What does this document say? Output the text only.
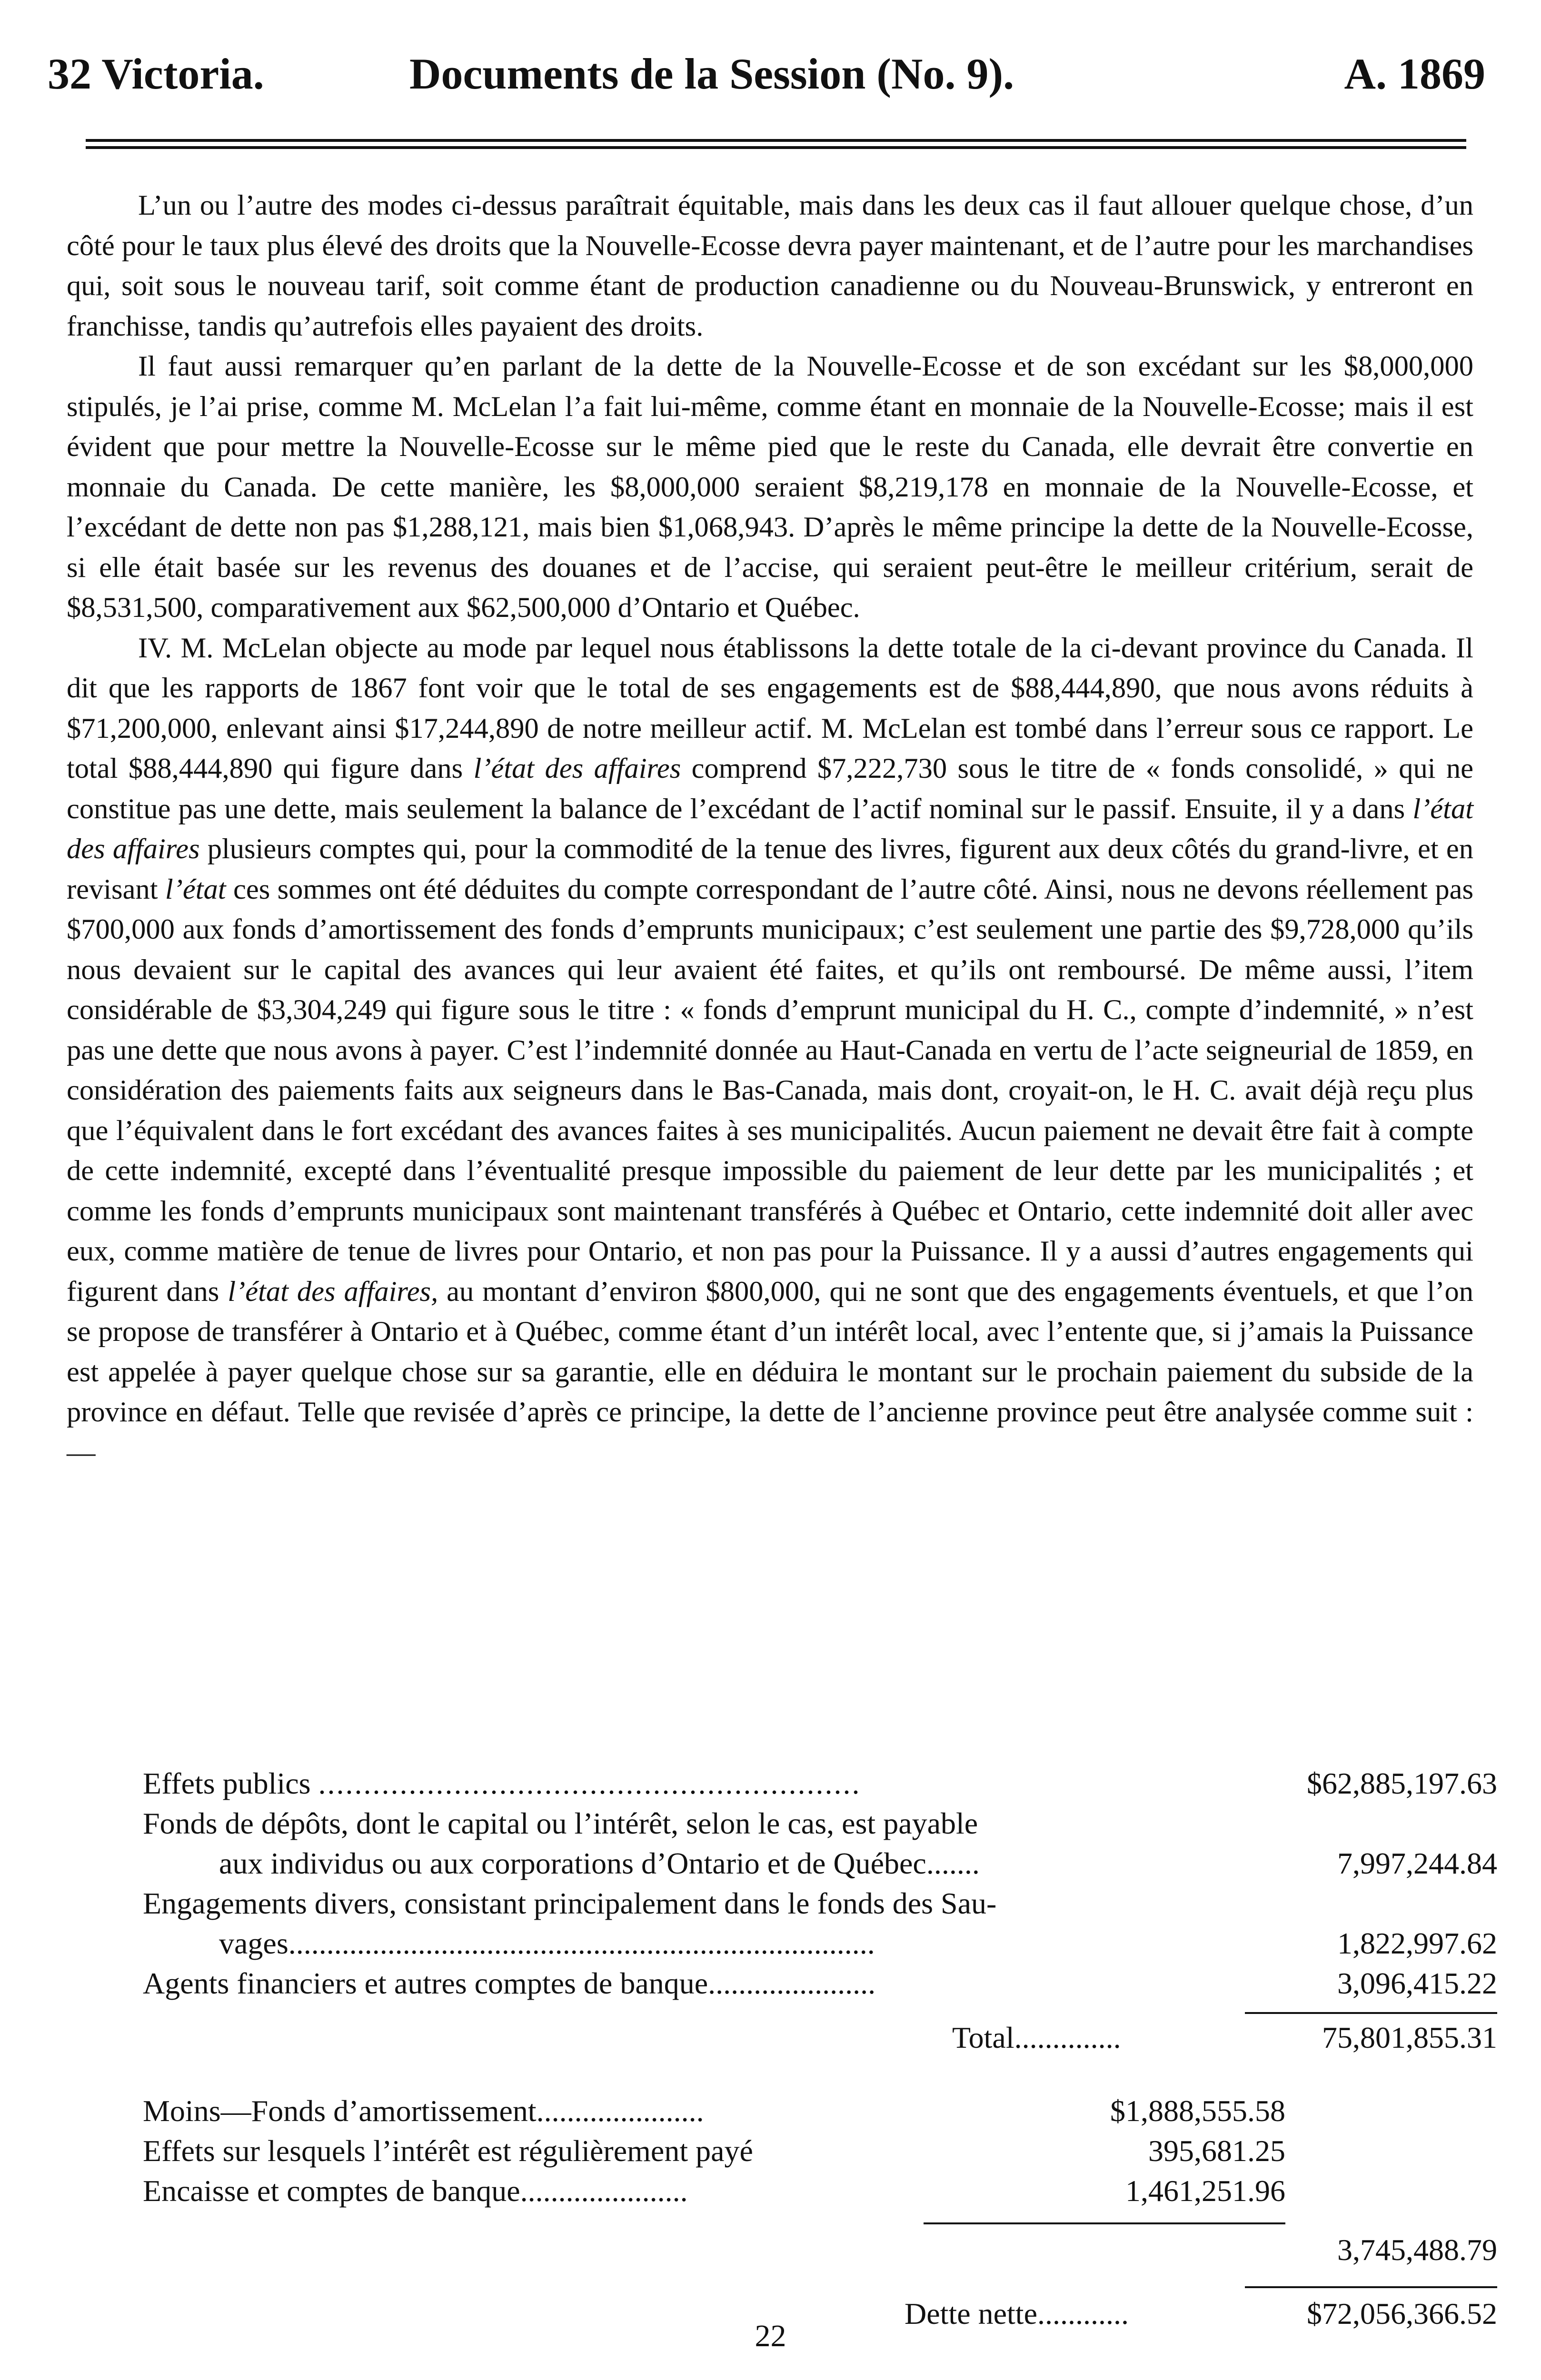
32 Victoria.	Documents de la Session (No. 9).	A. 1869

L’un ou l’autre des modes ci-dessus paraîtrait équitable, mais dans les deux cas il faut allouer quelque chose, d’un côté pour le taux plus élevé des droits que la Nouvelle-Ecosse devra payer maintenant, et de l’autre pour les marchandises qui, soit sous le nouveau tarif, soit comme étant de production canadienne ou du Nouveau-Brunswick, y entreront en franchisse, tandis qu’autrefois elles payaient des droits.

Il faut aussi remarquer qu’en parlant de la dette de la Nouvelle-Ecosse et de son excédant sur les $8,000,000 stipulés, je l’ai prise, comme M. McLelan l’a fait lui-même, comme étant en monnaie de la Nouvelle-Ecosse; mais il est évident que pour mettre la Nouvelle-Ecosse sur le même pied que le reste du Canada, elle devrait être convertie en monnaie du Canada. De cette manière, les $8,000,000 seraient $8,219,178 en monnaie de la Nouvelle-Ecosse, et l’excédant de dette non pas $1,288,121, mais bien $1,068,943. D’après le même principe la dette de la Nouvelle-Ecosse, si elle était basée sur les revenus des douanes et de l’accise, qui seraient peut-être le meilleur critérium, serait de $8,531,500, comparativement aux $62,500,000 d’Ontario et Québec.

IV. M. McLelan objecte au mode par lequel nous établissons la dette totale de la ci-devant province du Canada. Il dit que les rapports de 1867 font voir que le total de ses engagements est de $88,444,890, que nous avons réduits à $71,200,000, enlevant ainsi $17,244,890 de notre meilleur actif. M. McLelan est tombé dans l’erreur sous ce rapport. Le total $88,444,890 qui figure dans l’état des affaires comprend $7,222,730 sous le titre de « fonds consolidé, » qui ne constitue pas une dette, mais seulement la balance de l’excédant de l’actif nominal sur le passif. Ensuite, il y a dans l’état des affaires plusieurs comptes qui, pour la commodité de la tenue des livres, figurent aux deux côtés du grand-livre, et en revisant l’état ces sommes ont été déduites du compte correspondant de l’autre côté. Ainsi, nous ne devons réellement pas $700,000 aux fonds d’amortissement des fonds d’emprunts municipaux; c’est seulement une partie des $9,728,000 qu’ils nous devaient sur le capital des avances qui leur avaient été faites, et qu’ils ont remboursé. De même aussi, l’item considérable de $3,304,249 qui figure sous le titre : « fonds d’emprunt municipal du H. C., compte d’indemnité, » n’est pas une dette que nous avons à payer. C’est l’indemnité donnée au Haut-Canada en vertu de l’acte seigneurial de 1859, en considération des paiements faits aux seigneurs dans le Bas-Canada, mais dont, croyait-on, le H. C. avait déjà reçu plus que l’équivalent dans le fort excédant des avances faites à ses municipalités. Aucun paiement ne devait être fait à compte de cette indemnité, excepté dans l’éventualité presque impossible du paiement de leur dette par les municipalités ; et comme les fonds d’emprunts municipaux sont maintenant transférés à Québec et Ontario, cette indemnité doit aller avec eux, comme matière de tenue de livres pour Ontario, et non pas pour la Puissance. Il y a aussi d’autres engagements qui figurent dans l’état des affaires, au montant d’environ $800,000, qui ne sont que des engagements éventuels, et que l’on se propose de transférer à Ontario et à Québec, comme étant d’un intérêt local, avec l’entente que, si j’amais la Puissance est appelée à payer quelque chose sur sa garantie, elle en déduira le montant sur le prochain paiement du subside de la province en défaut. Telle que revisée d’après ce principe, la dette de l’ancienne province peut être analysée comme suit :—

Effets publics ............................................................	$62,885,197.63
Fonds de dépôts, dont le capital ou l’intérêt, selon le cas, est payable
aux individus ou aux corporations d’Ontario et de Québec.......	7,997,244.84
Engagements divers, consistant principalement dans le fonds des Sau-
vages.............................................................................	1,822,997.62
Agents financiers et autres comptes de banque......................	3,096,415.22
Total..............	75,801,855.31
Moins—Fonds d’amortissement......................	$1,888,555.58
Effets sur lesquels l’intérêt est régulièrement payé	395,681.25
Encaisse et comptes de banque......................	1,461,251.96
3,745,488.79
Dette nette............	$72,056,366.52
22
